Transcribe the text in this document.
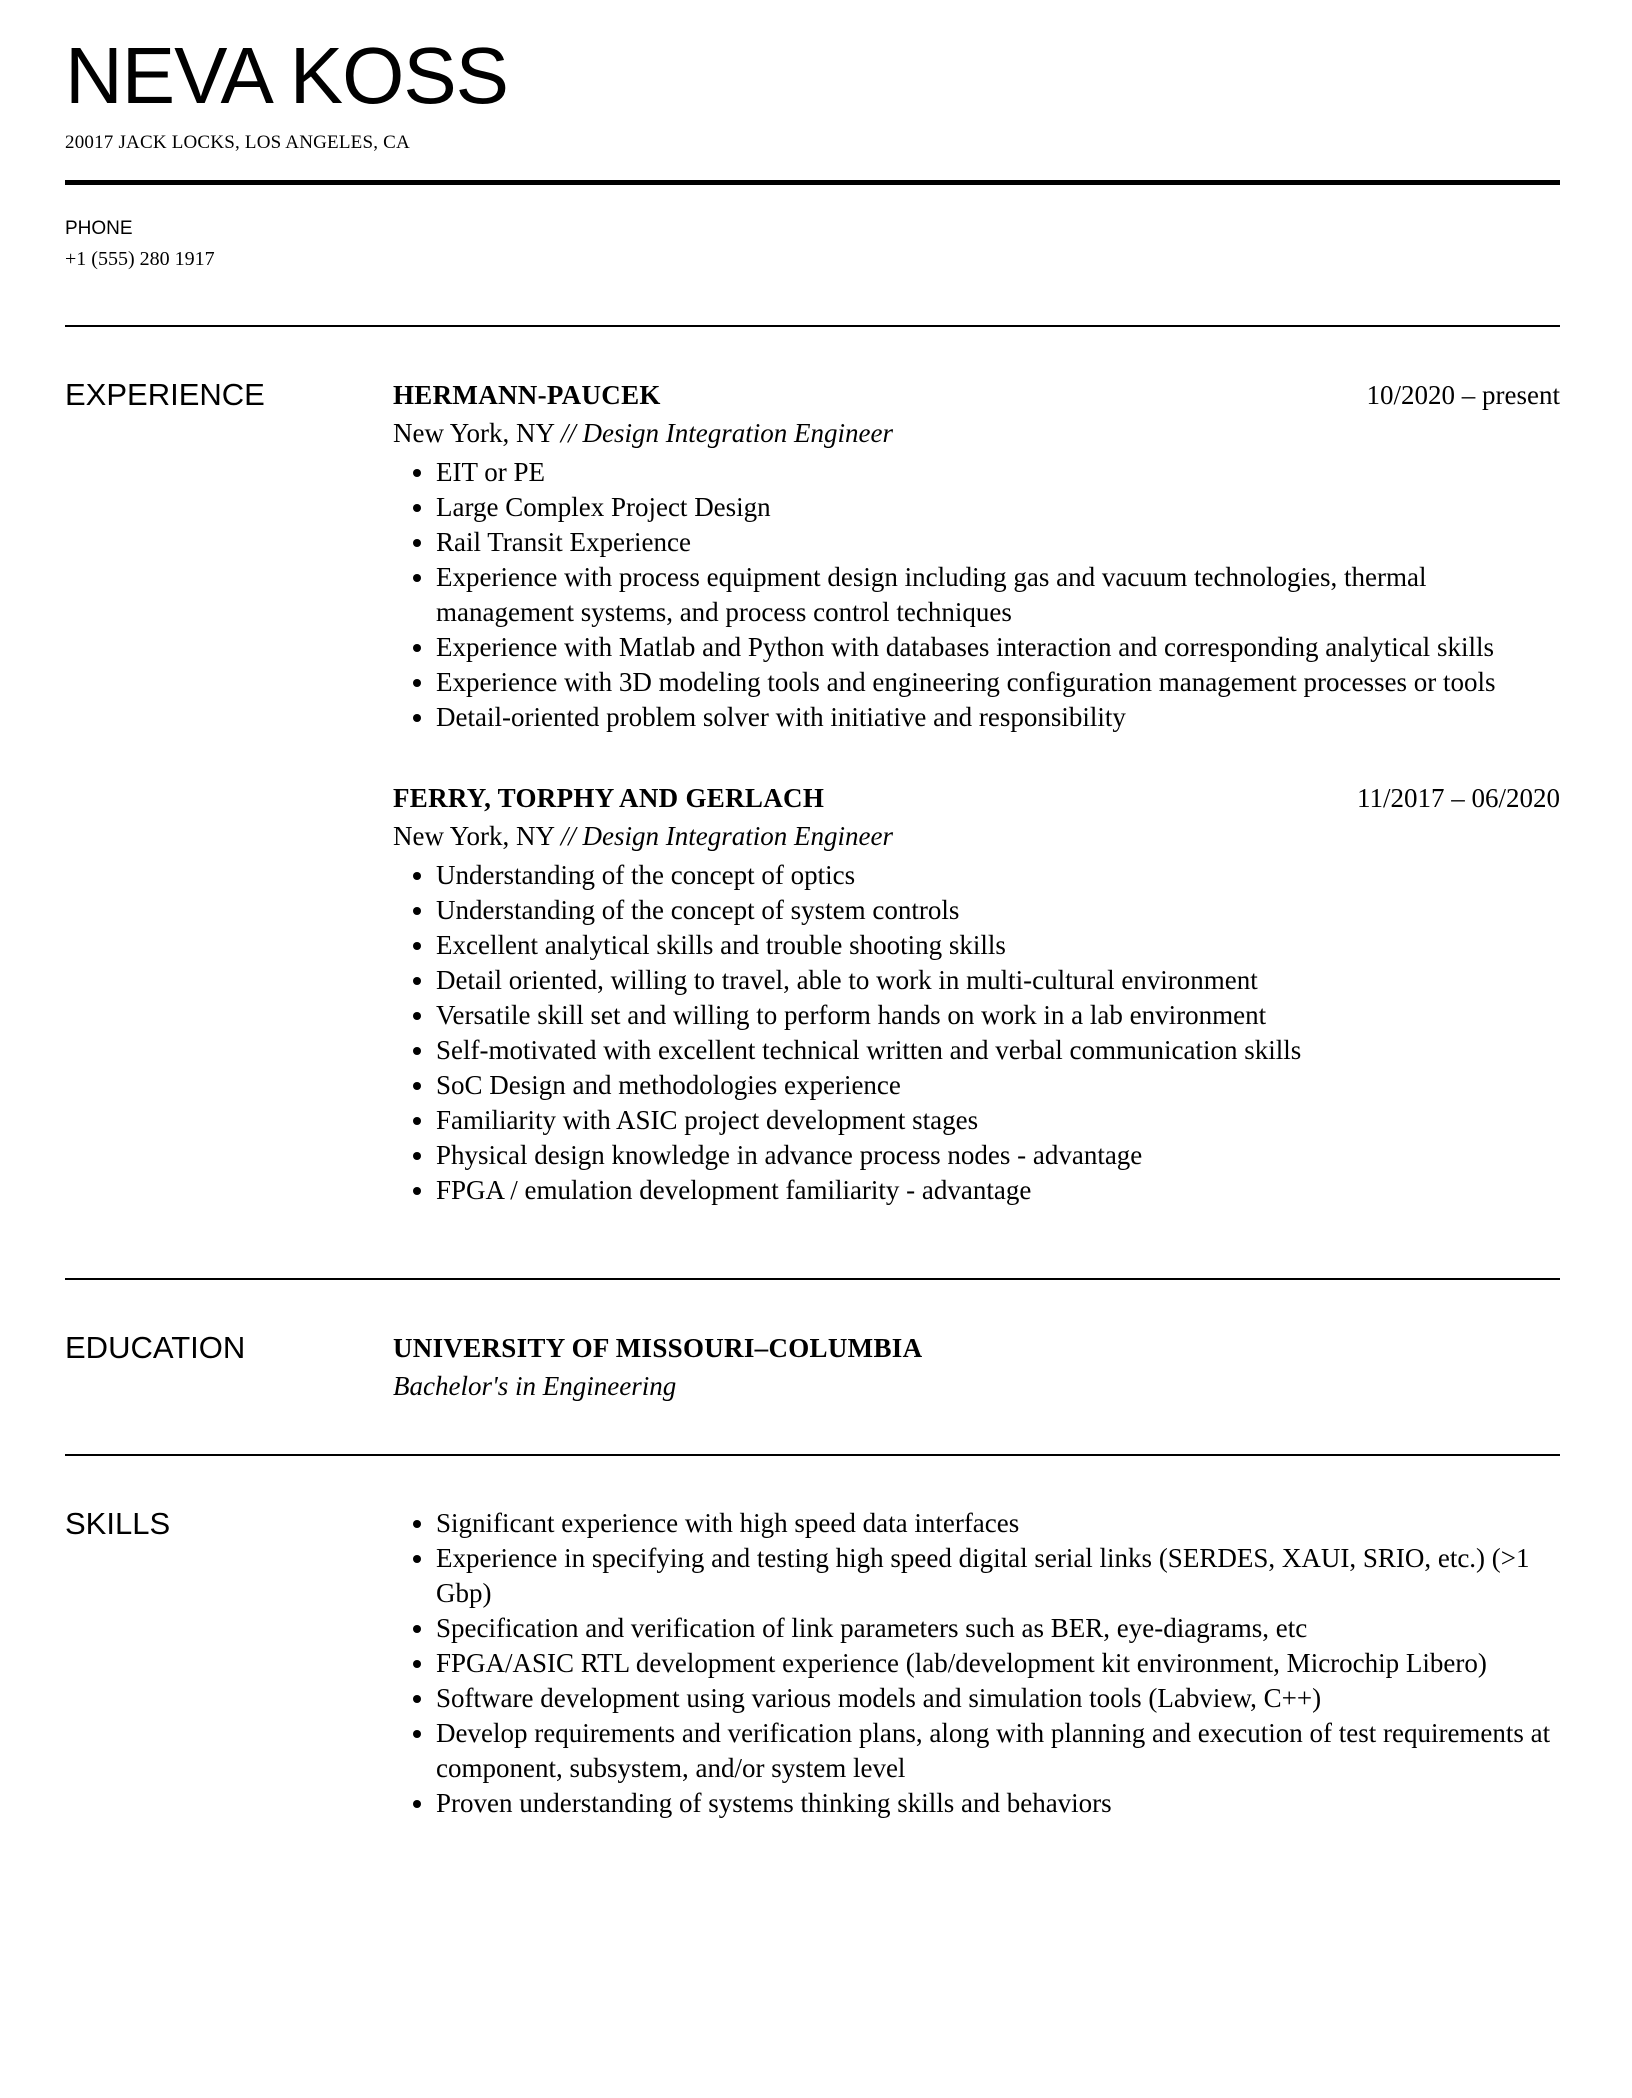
NEVA KOSS
20017 JACK LOCKS, LOS ANGELES, CA
PHONE
+1 (555) 280 1917
EXPERIENCE	HERMANN-PAUCEK	10/2020 – present
New York, NY // Design Integration Engineer
• EIT or PE
• Large Complex Project Design
• Rail Transit Experience
• Experience with process equipment design including gas and vacuum technologies, thermal management systems, and process control techniques
• Experience with Matlab and Python with databases interaction and corresponding analytical skills
• Experience with 3D modeling tools and engineering configuration management processes or tools
• Detail-oriented problem solver with initiative and responsibility
FERRY, TORPHY AND GERLACH	11/2017 – 06/2020
New York, NY // Design Integration Engineer
• Understanding of the concept of optics
• Understanding of the concept of system controls
• Excellent analytical skills and trouble shooting skills
• Detail oriented, willing to travel, able to work in multi-cultural environment
• Versatile skill set and willing to perform hands on work in a lab environment
• Self-motivated with excellent technical written and verbal communication skills
• SoC Design and methodologies experience
• Familiarity with ASIC project development stages
• Physical design knowledge in advance process nodes - advantage
• FPGA / emulation development familiarity - advantage
EDUCATION	UNIVERSITY OF MISSOURI–COLUMBIA
Bachelor's in Engineering
SKILLS	• Significant experience with high speed data interfaces
• Experience in specifying and testing high speed digital serial links (SERDES, XAUI, SRIO, etc.) (>1 Gbp)
• Specification and verification of link parameters such as BER, eye-diagrams, etc
• FPGA/ASIC RTL development experience (lab/development kit environment, Microchip Libero)
• Software development using various models and simulation tools (Labview, C++)
• Develop requirements and verification plans, along with planning and execution of test requirements at component, subsystem, and/or system level
• Proven understanding of systems thinking skills and behaviors
